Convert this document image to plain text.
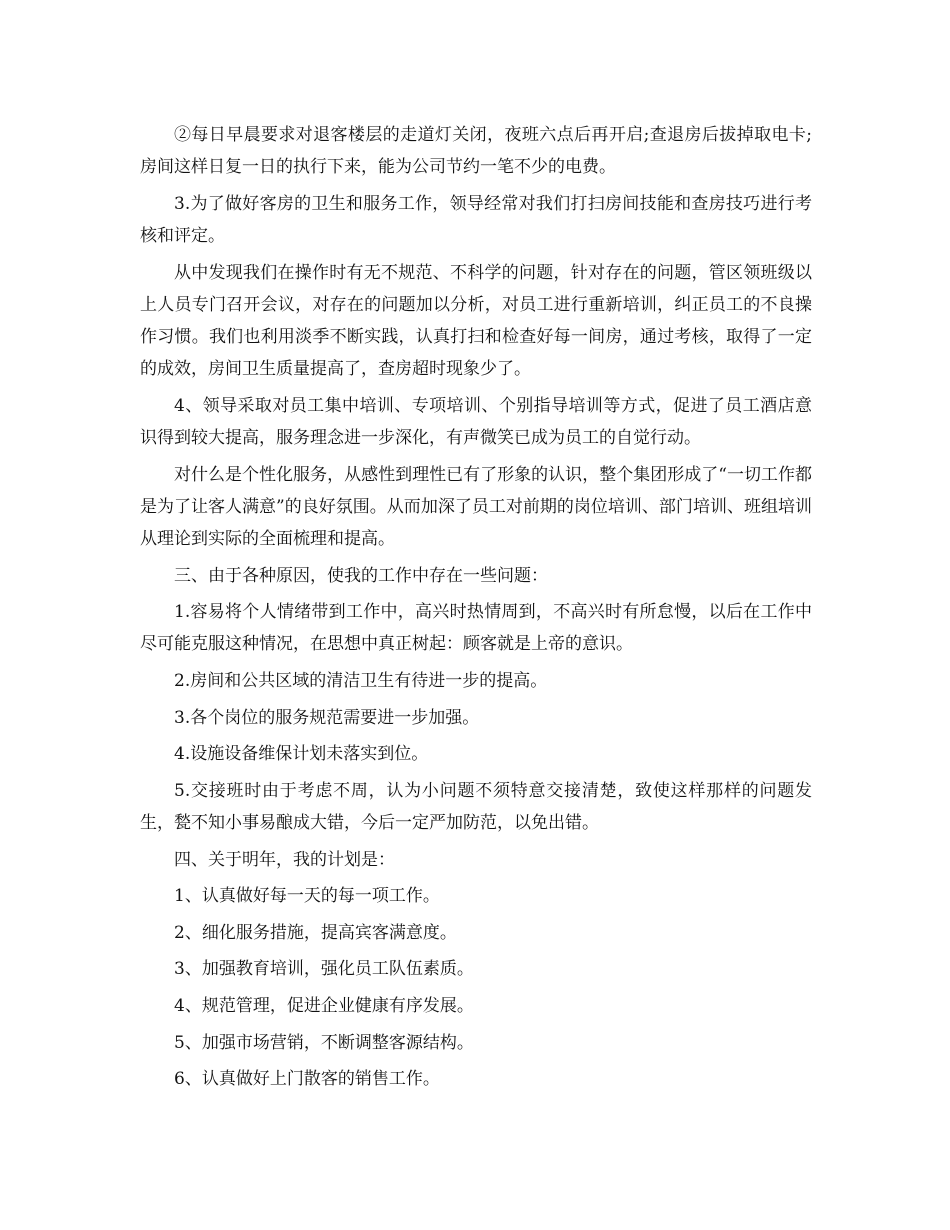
②每日早晨要求对退客楼层的走道灯关闭，夜班六点后再开启;查退房后拔掉取电卡;房间这样日复一日的执行下来，能为公司节约一笔不少的电费。

3.为了做好客房的卫生和服务工作，领导经常对我们打扫房间技能和查房技巧进行考核和评定。

从中发现我们在操作时有无不规范、不科学的问题，针对存在的问题，管区领班级以上人员专门召开会议，对存在的问题加以分析，对员工进行重新培训，纠正员工的不良操作习惯。我们也利用淡季不断实践，认真打扫和检查好每一间房，通过考核，取得了一定的成效，房间卫生质量提高了，查房超时现象少了。

4、领导采取对员工集中培训、专项培训、个别指导培训等方式，促进了员工酒店意识得到较大提高，服务理念进一步深化，有声微笑已成为员工的自觉行动。

对什么是个性化服务，从感性到理性已有了形象的认识，整个集团形成了“一切工作都是为了让客人满意”的良好氛围。从而加深了员工对前期的岗位培训、部门培训、班组培训从理论到实际的全面梳理和提高。

三、由于各种原因，使我的工作中存在一些问题：

1.容易将个人情绪带到工作中，高兴时热情周到，不高兴时有所怠慢，以后在工作中尽可能克服这种情况，在思想中真正树起：顾客就是上帝的意识。

2.房间和公共区域的清洁卫生有待进一步的提高。

3.各个岗位的服务规范需要进一步加强。

4.设施设备维保计划未落实到位。

5.交接班时由于考虑不周，认为小问题不须特意交接清楚，致使这样那样的问题发生，甃不知小事易酿成大错，今后一定严加防范，以免出错。

四、关于明年，我的计划是：

1、认真做好每一天的每一项工作。

2、细化服务措施，提高宾客满意度。

3、加强教育培训，强化员工队伍素质。

4、规范管理，促进企业健康有序发展。

5、加强市场营销，不断调整客源结构。

6、认真做好上门散客的销售工作。
